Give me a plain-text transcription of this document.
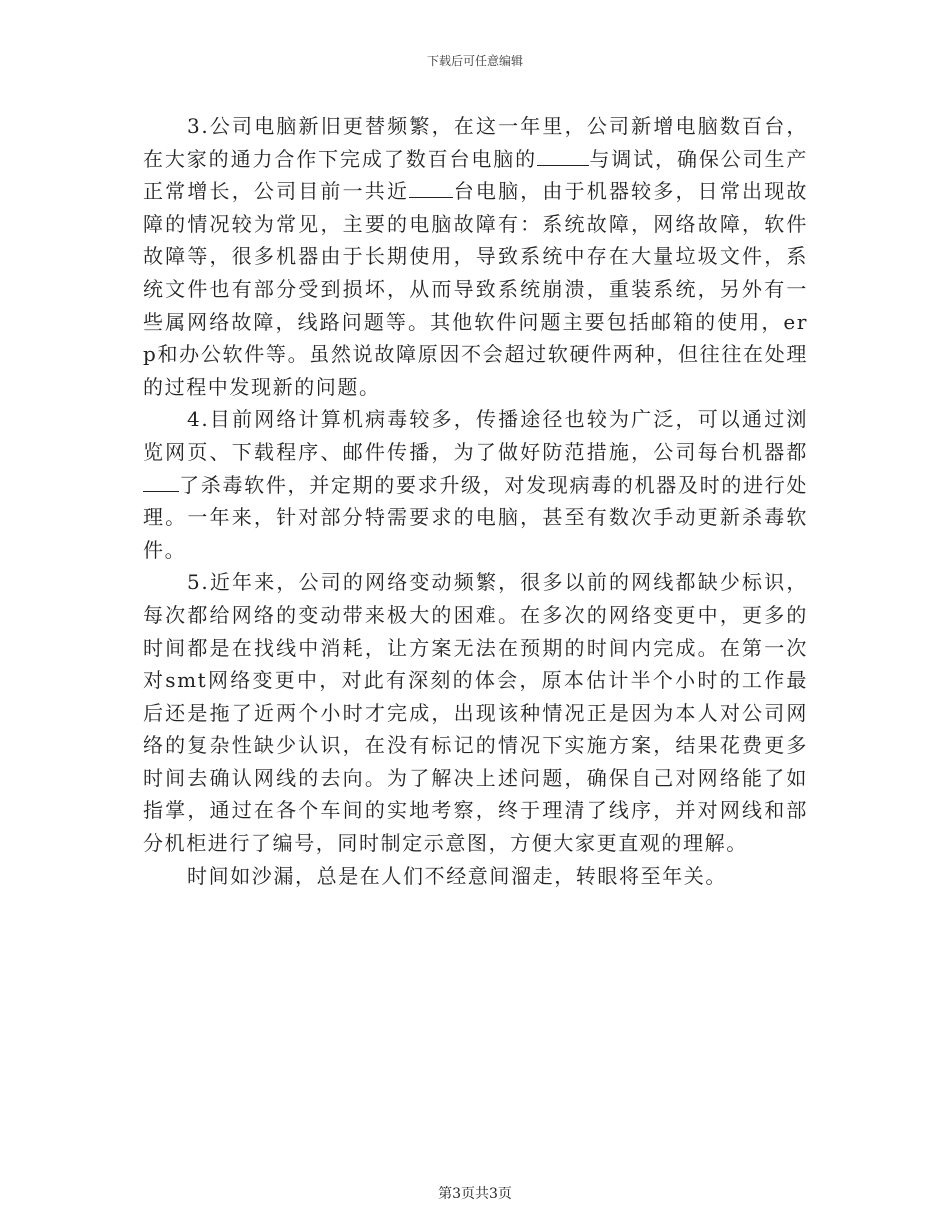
下载后可任意编辑

3.公司电脑新旧更替频繁，在这一年里，公司新增电脑数百台，在大家的通力合作下完成了数百台电脑的	与调试，确保公司生产正常增长，公司目前一共近 台电脑，由于机器较多，日常出现故障的情况较为常见，主要的电脑故障有：系统故障，网络故障，软件故障等，很多机器由于长期使用，导致系统中存在大量垃圾文件，系统文件也有部分受到损坏，从而导致系统崩溃，重装系统，另外有一些属网络故障，线路问题等。其他软件问题主要包括邮箱的使用，erp和办公软件等。虽然说故障原因不会超过软硬件两种，但往往在处理的过程中发现新的问题。

4.目前网络计算机病毒较多，传播途径也较为广泛，可以通过浏览网页、下载程序、邮件传播，为了做好防范措施，公司每台机器都了杀毒软件，并定期的要求升级，对发现病毒的机器及时的进行处理。一年来，针对部分特需要求的电脑，甚至有数次手动更新杀毒软件。

5.近年来，公司的网络变动频繁，很多以前的网线都缺少标识，每次都给网络的变动带来极大的困难。在多次的网络变更中，更多的时间都是在找线中消耗，让方案无法在预期的时间内完成。在第一次对smt网络变更中，对此有深刻的体会，原本估计半个小时的工作最后还是拖了近两个小时才完成，出现该种情况正是因为本人对公司网络的复杂性缺少认识，在没有标记的情况下实施方案，结果花费更多时间去确认网线的去向。为了解决上述问题，确保自己对网络能了如指掌，通过在各个车间的实地考察，终于理清了线序，并对网线和部分机柜进行了编号，同时制定示意图，方便大家更直观的理解。

时间如沙漏，总是在人们不经意间溜走，转眼将至年关。

第3页共3页
